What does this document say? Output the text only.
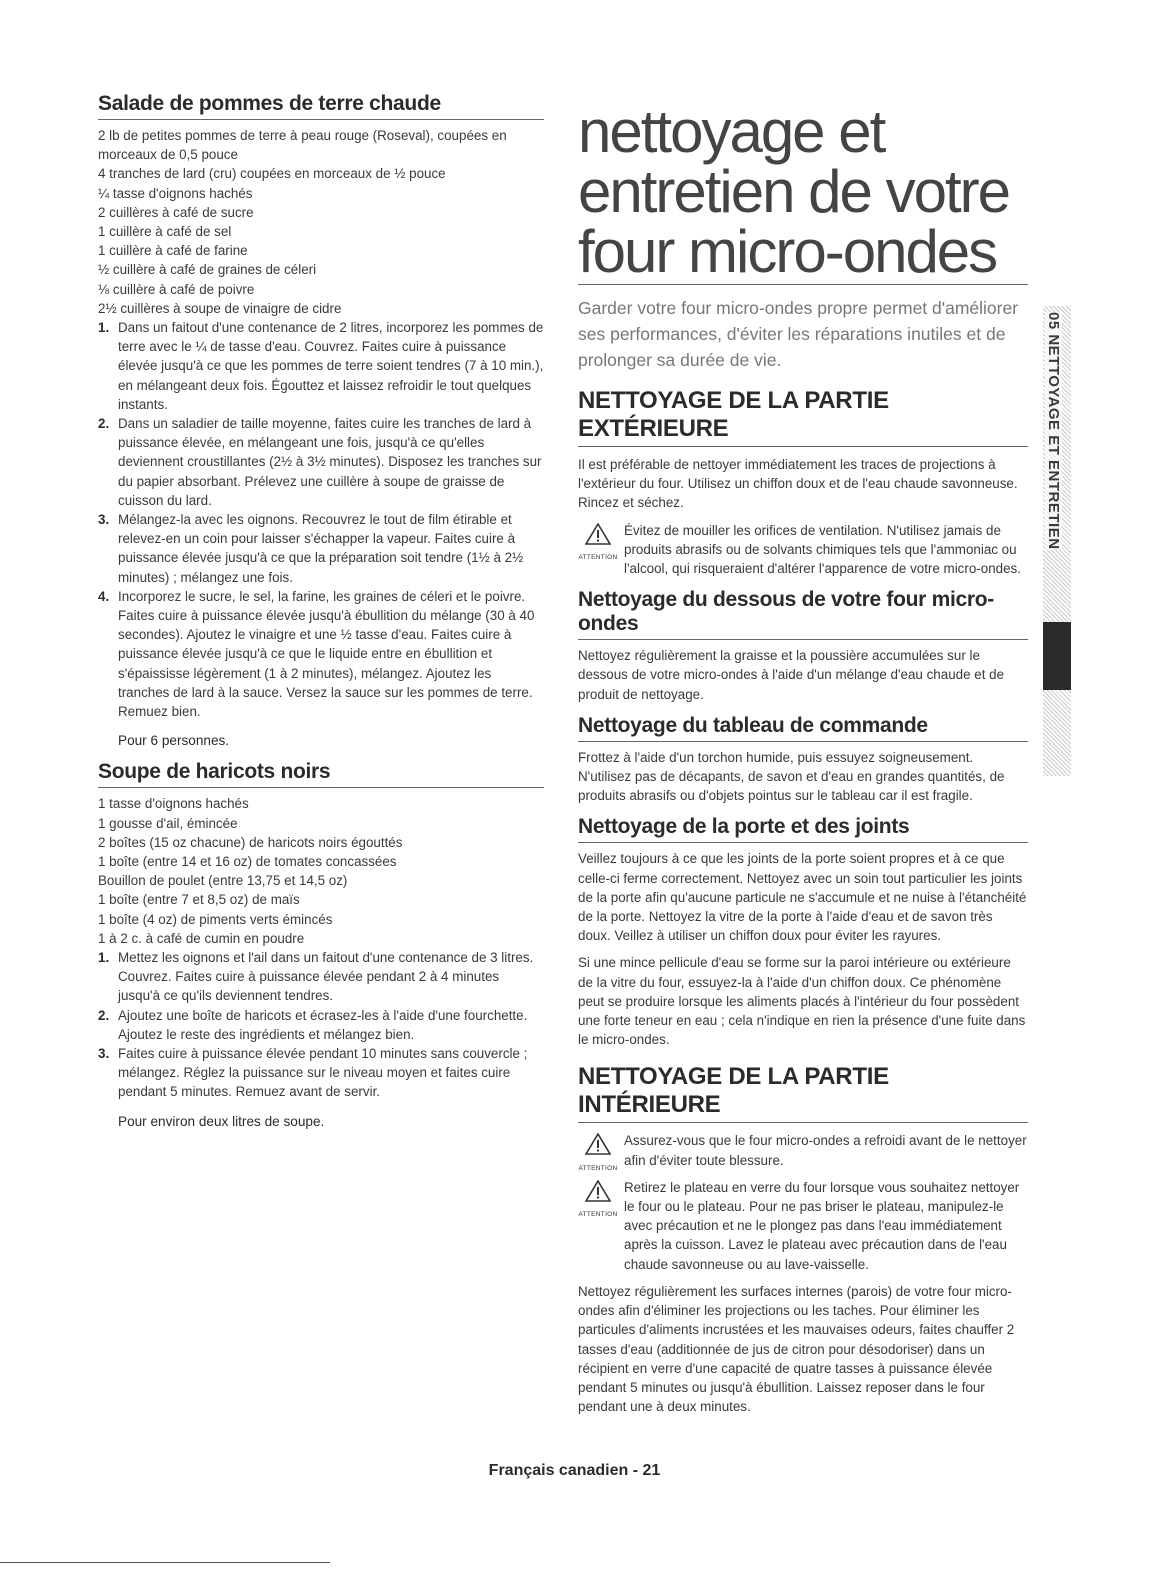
Salade de pommes de terre chaude
2 lb de petites pommes de terre à peau rouge (Roseval), coupées en
morceaux de 0,5 pouce
4 tranches de lard (cru) coupées en morceaux de ½ pouce
¼ tasse d'oignons hachés
2 cuillères à café de sucre
1 cuillère à café de sel
1 cuillère à café de farine
½ cuillère à café de graines de céleri
⅛ cuillère à café de poivre
2½ cuillères à soupe de vinaigre de cidre
1. Dans un faitout d'une contenance de 2 litres, incorporez les pommes de terre avec le ¼ de tasse d'eau. Couvrez. Faites cuire à puissance élevée jusqu'à ce que les pommes de terre soient tendres (7 à 10 min.), en mélangeant deux fois. Égouttez et laissez refroidir le tout quelques instants.
2. Dans un saladier de taille moyenne, faites cuire les tranches de lard à puissance élevée, en mélangeant une fois, jusqu'à ce qu'elles deviennent croustillantes (2½ à 3½ minutes). Disposez les tranches sur du papier absorbant. Prélevez une cuillère à soupe de graisse de cuisson du lard.
3. Mélangez-la avec les oignons. Recouvrez le tout de film étirable et relevez-en un coin pour laisser s'échapper la vapeur. Faites cuire à puissance élevée jusqu'à ce que la préparation soit tendre (1½ à 2½ minutes) ; mélangez une fois.
4. Incorporez le sucre, le sel, la farine, les graines de céleri et le poivre. Faites cuire à puissance élevée jusqu'à ébullition du mélange (30 à 40 secondes). Ajoutez le vinaigre et une ½ tasse d'eau. Faites cuire à puissance élevée jusqu'à ce que le liquide entre en ébullition et s'épaississe légèrement (1 à 2 minutes), mélangez. Ajoutez les tranches de lard à la sauce. Versez la sauce sur les pommes de terre. Remuez bien.

Pour 6 personnes.

Soupe de haricots noirs
1 tasse d'oignons hachés
1 gousse d'ail, émincée
2 boîtes (15 oz chacune) de haricots noirs égouttés
1 boîte (entre 14 et 16 oz) de tomates concassées
Bouillon de poulet (entre 13,75 et 14,5 oz)
1 boîte (entre 7 et 8,5 oz) de maïs
1 boîte (4 oz) de piments verts émincés
1 à 2 c. à café de cumin en poudre
1. Mettez les oignons et l'ail dans un faitout d'une contenance de 3 litres. Couvrez. Faites cuire à puissance élevée pendant 2 à 4 minutes jusqu'à ce qu'ils deviennent tendres.
2. Ajoutez une boîte de haricots et écrasez-les à l'aide d'une fourchette. Ajoutez le reste des ingrédients et mélangez bien.
3. Faites cuire à puissance élevée pendant 10 minutes sans couvercle ; mélangez. Réglez la puissance sur le niveau moyen et faites cuire pendant 5 minutes. Remuez avant de servir.

Pour environ deux litres de soupe.

nettoyage et
entretien de votre
four micro-ondes

Garder votre four micro-ondes propre permet d'améliorer ses performances, d'éviter les réparations inutiles et de prolonger sa durée de vie.

NETTOYAGE DE LA PARTIE EXTÉRIEURE

Il est préférable de nettoyer immédiatement les traces de projections à l'extérieur du four. Utilisez un chiffon doux et de l'eau chaude savonneuse. Rincez et séchez.

ATTENTION
Évitez de mouiller les orifices de ventilation. N'utilisez jamais de produits abrasifs ou de solvants chimiques tels que l'ammoniac ou l'alcool, qui risqueraient d'altérer l'apparence de votre micro-ondes.
Nettoyage du dessous de votre four micro-ondes

Nettoyez régulièrement la graisse et la poussière accumulées sur le dessous de votre micro-ondes à l'aide d'un mélange d'eau chaude et de produit de nettoyage.

Nettoyage du tableau de commande

Frottez à l'aide d'un torchon humide, puis essuyez soigneusement. N'utilisez pas de décapants, de savon et d'eau en grandes quantités, de produits abrasifs ou d'objets pointus sur le tableau car il est fragile.

Nettoyage de la porte et des joints

Veillez toujours à ce que les joints de la porte soient propres et à ce que celle-ci ferme correctement. Nettoyez avec un soin tout particulier les joints de la porte afin qu'aucune particule ne s'accumule et ne nuise à l'étanchéité de la porte. Nettoyez la vitre de la porte à l'aide d'eau et de savon très doux. Veillez à utiliser un chiffon doux pour éviter les rayures.

Si une mince pellicule d'eau se forme sur la paroi intérieure ou extérieure de la vitre du four, essuyez-la à l'aide d'un chiffon doux. Ce phénomène peut se produire lorsque les aliments placés à l'intérieur du four possèdent une forte teneur en eau ; cela n'indique en rien la présence d'une fuite dans le micro-ondes.

NETTOYAGE DE LA PARTIE INTÉRIEURE
ATTENTION
Assurez-vous que le four micro-ondes a refroidi avant de le nettoyer afin d'éviter toute blessure.
ATTENTION
Retirez le plateau en verre du four lorsque vous souhaitez nettoyer le four ou le plateau. Pour ne pas briser le plateau, manipulez-le avec précaution et ne le plongez pas dans l'eau immédiatement après la cuisson. Lavez le plateau avec précaution dans de l'eau chaude savonneuse ou au lave-vaisselle.

Nettoyez régulièrement les surfaces internes (parois) de votre four micro-ondes afin d'éliminer les projections ou les taches. Pour éliminer les particules d'aliments incrustées et les mauvaises odeurs, faites chauffer 2 tasses d'eau (additionnée de jus de citron pour désodoriser) dans un récipient en verre d'une capacité de quatre tasses à puissance élevée pendant 5 minutes ou jusqu'à ébullition. Laissez reposer dans le four pendant une à deux minutes.

05 NETTOYAGE ET ENTRETIEN
Français canadien - 21
